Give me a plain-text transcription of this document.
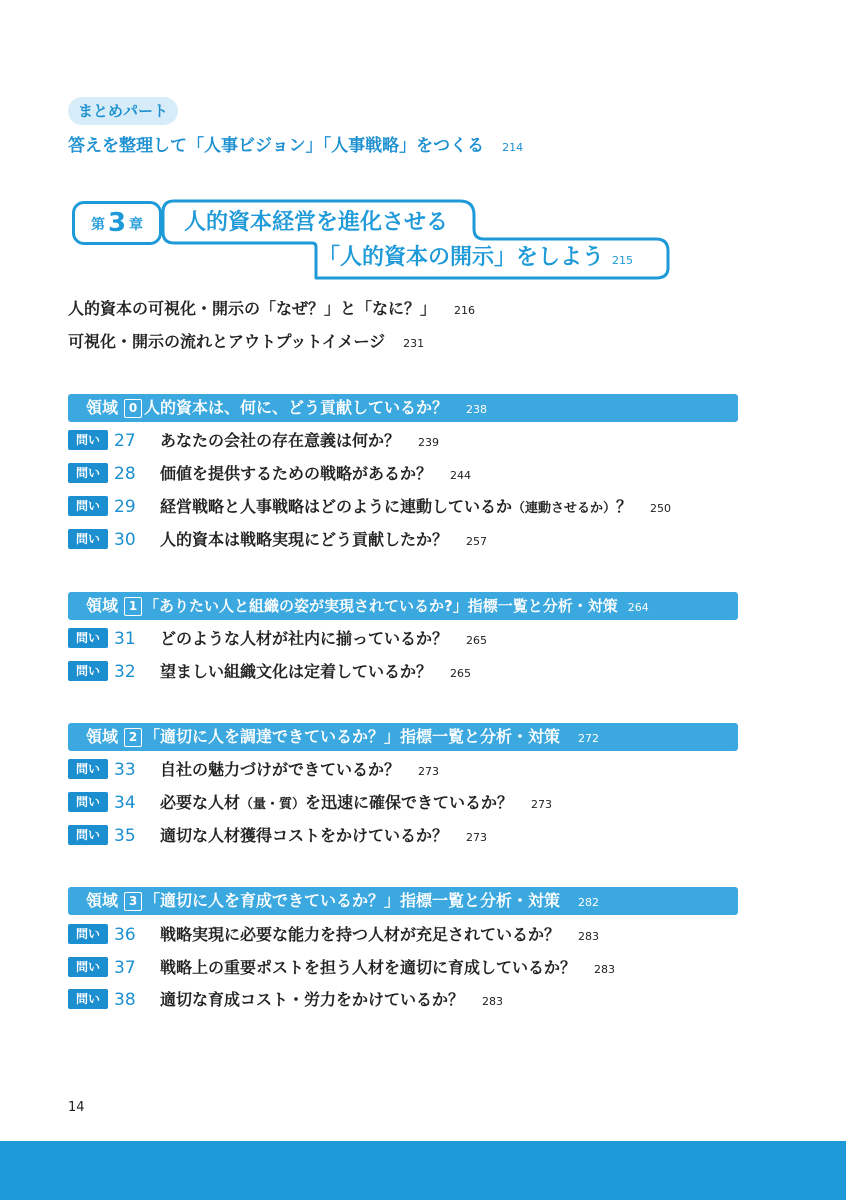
まとめパート
答えを整理して「人事ビジョン」「人事戦略」をつくる 214
第 3 章	人的資本経営を進化させる
「人的資本の開示」をしよう 215
人的資本の可視化・開示の「なぜ？」と「なに？」 216
可視化・開示の流れとアウトプットイメージ 231
領域 0 人的資本は、何に、どう貢献しているか？ 238
問い 27 あなたの会社の存在意義は何か？ 239
問い 28 価値を提供するための戦略があるか？ 244
問い 29 経営戦略と人事戦略はどのように連動しているか（連動させるか）？ 250
問い 30 人的資本は戦略実現にどう貢献したか？ 257
領域 1 「ありたい人と組織の姿が実現されているか?」指標一覧と分析・対策 264
問い 31 どのような人材が社内に揃っているか？ 265
問い 32 望ましい組織文化は定着しているか？ 265
領域 2 「適切に人を調達できているか？」指標一覧と分析・対策 272
問い 33 自社の魅力づけができているか？ 273
問い 34 必要な人材（量・質）を迅速に確保できているか？ 273
問い 35 適切な人材獲得コストをかけているか？ 273
領域 3 「適切に人を育成できているか？」指標一覧と分析・対策 282
問い 36 戦略実現に必要な能力を持つ人材が充足されているか？ 283
問い 37 戦略上の重要ポストを担う人材を適切に育成しているか？ 283
問い 38 適切な育成コスト・労力をかけているか？ 283
14
